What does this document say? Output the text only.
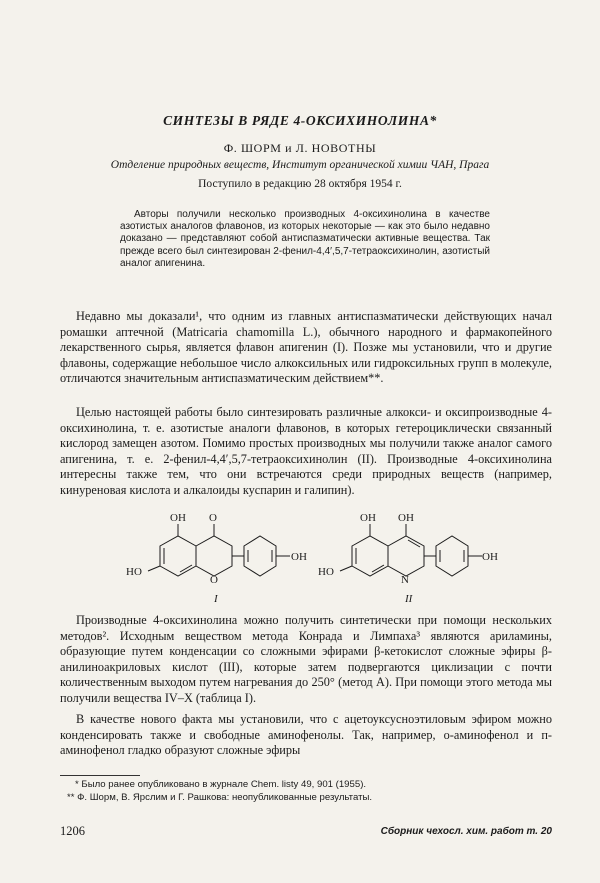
СИНТЕЗЫ В РЯДЕ 4-ОКСИХИНОЛИНА*
Ф. ШОРМ и Л. НОВОТНЫ
Отделение природных веществ, Институт органической химии ЧАН, Прага
Поступило в редакцию 28 октября 1954 г.
Авторы получили несколько производных 4-оксихинолина в качестве азотистых аналогов флавонов, из которых некоторые — как это было недавно доказано — представляют собой антиспазматически активные вещества. Так прежде всего был синтезирован 2-фенил-4,4′,5,7-тетраоксихинолин, азотистый аналог апигенина.

Недавно мы доказали¹, что одним из главных антиспазматически действующих начал ромашки аптечной (Matricaria chamomilla L.), обычного народного и фармакопейного лекарственного сырья, является флавон апигенин (I). Позже мы установили, что и другие флавоны, содержащие небольшое число алкоксильных или гидроксильных групп в молекуле, отличаются значительным антиспазматическим действием**.

Целью настоящей работы было синтезировать различные алкокси- и оксипроизводные 4-оксихинолина, т. е. азотистые аналоги флавонов, в которых гетероциклически связанный кислород замещен азотом. Помимо простых производных мы получили также аналог самого апигенина, т. е. 2-фенил-4,4′,5,7-тетраоксихинолин (II). Производные 4-оксихинолина интересны также тем, что они встречаются среди природных веществ (например, кинуреновая кислота и алкалоиды куспарин и галипин).

OH O
HO
O
OH
I
OH OH
HO
N
OH
II

Производные 4-оксихинолина можно получить синтетически при помощи нескольких методов². Исходным веществом метода Конрада и Лимпаха³ являются ариламины, образующие путем конденсации со сложными эфирами β-кетокислот сложные эфиры β-анилиноакриловых кислот (III), которые затем подвергаются циклизации с почти количественным выходом путем нагревания до 250° (метод А). При помощи этого метода мы получили вещества IV–X (таблица I).

В качестве нового факта мы установили, что с ацетоуксусноэтиловым эфиром можно конденсировать также и свободные аминофенолы. Так, например, о-аминофенол и п-аминофенол гладко образуют сложные эфиры

* Было ранее опубликовано в журнале Chem. listy 49, 901 (1955).
** Ф. Шорм, В. Ярслим и Г. Рашкова: неопубликованные результаты.
1206	Сборник чехосл. хим. работ т. 20
